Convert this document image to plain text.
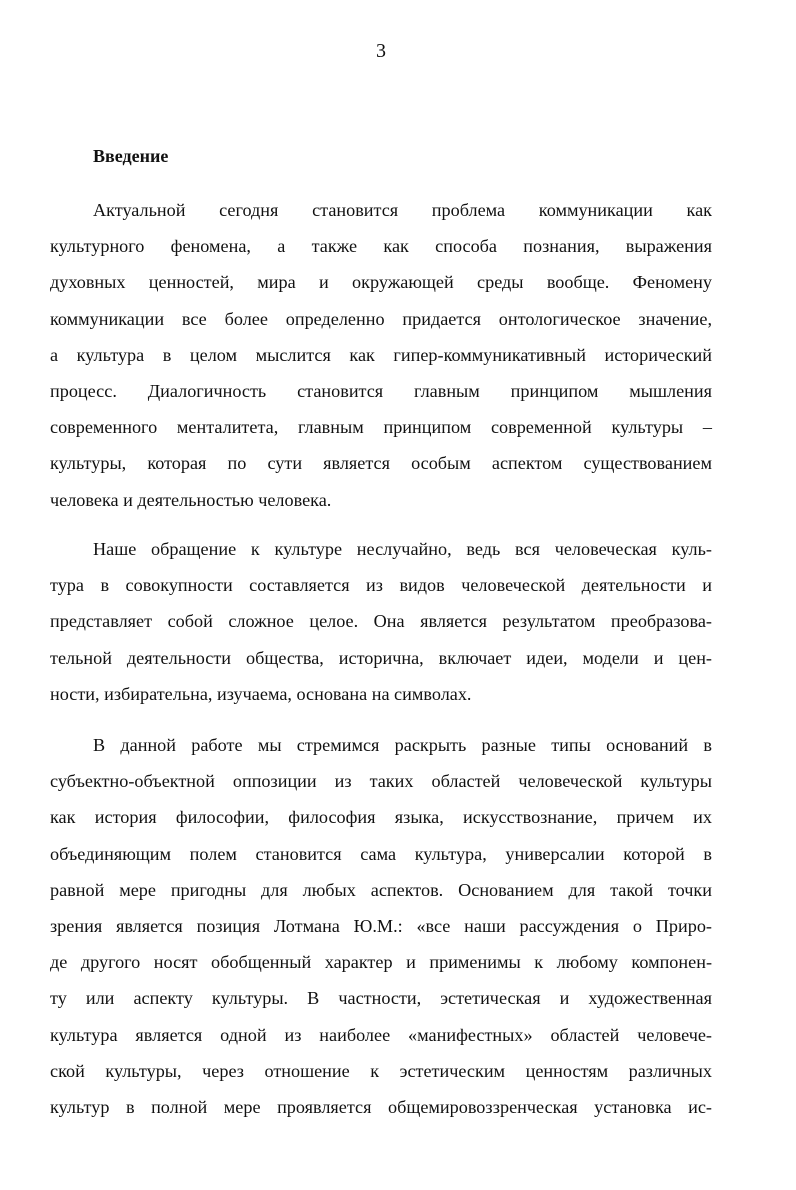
3
Введение

Актуальной сегодня становится проблема коммуникации как
культурного феномена, а также как способа познания, выражения
духовных ценностей, мира и окружающей среды вообще. Феномену
коммуникации все более определенно придается онтологическое значение,
а культура в целом мыслится как гипер-коммуникативный исторический
процесс. Диалогичность становится главным принципом мышления
современного менталитета, главным принципом современной культуры –
культуры, которая по сути является особым аспектом существованием
человека и деятельностью человека.

Наше обращение к культуре неслучайно, ведь вся человеческая куль-
тура в совокупности составляется из видов человеческой деятельности и
представляет собой сложное целое. Она является результатом преобразова-
тельной деятельности общества, исторична, включает идеи, модели и цен-
ности, избирательна, изучаема, основана на символах.

В данной работе мы стремимся раскрыть разные типы оснований в
субъектно-объектной оппозиции из таких областей человеческой культуры
как история философии, философия языка, искусствознание, причем их
объединяющим полем становится сама культура, универсалии которой в
равной мере пригодны для любых аспектов. Основанием для такой точки
зрения является позиция Лотмана Ю.М.: «все наши рассуждения о Приро-
де другого носят обобщенный характер и применимы к любому компонен-
ту или аспекту культуры. В частности, эстетическая и художественная
культура является одной из наиболее «манифестных» областей человече-
ской культуры, через отношение к эстетическим ценностям различных
культур в полной мере проявляется общемировоззренческая установка ис-
